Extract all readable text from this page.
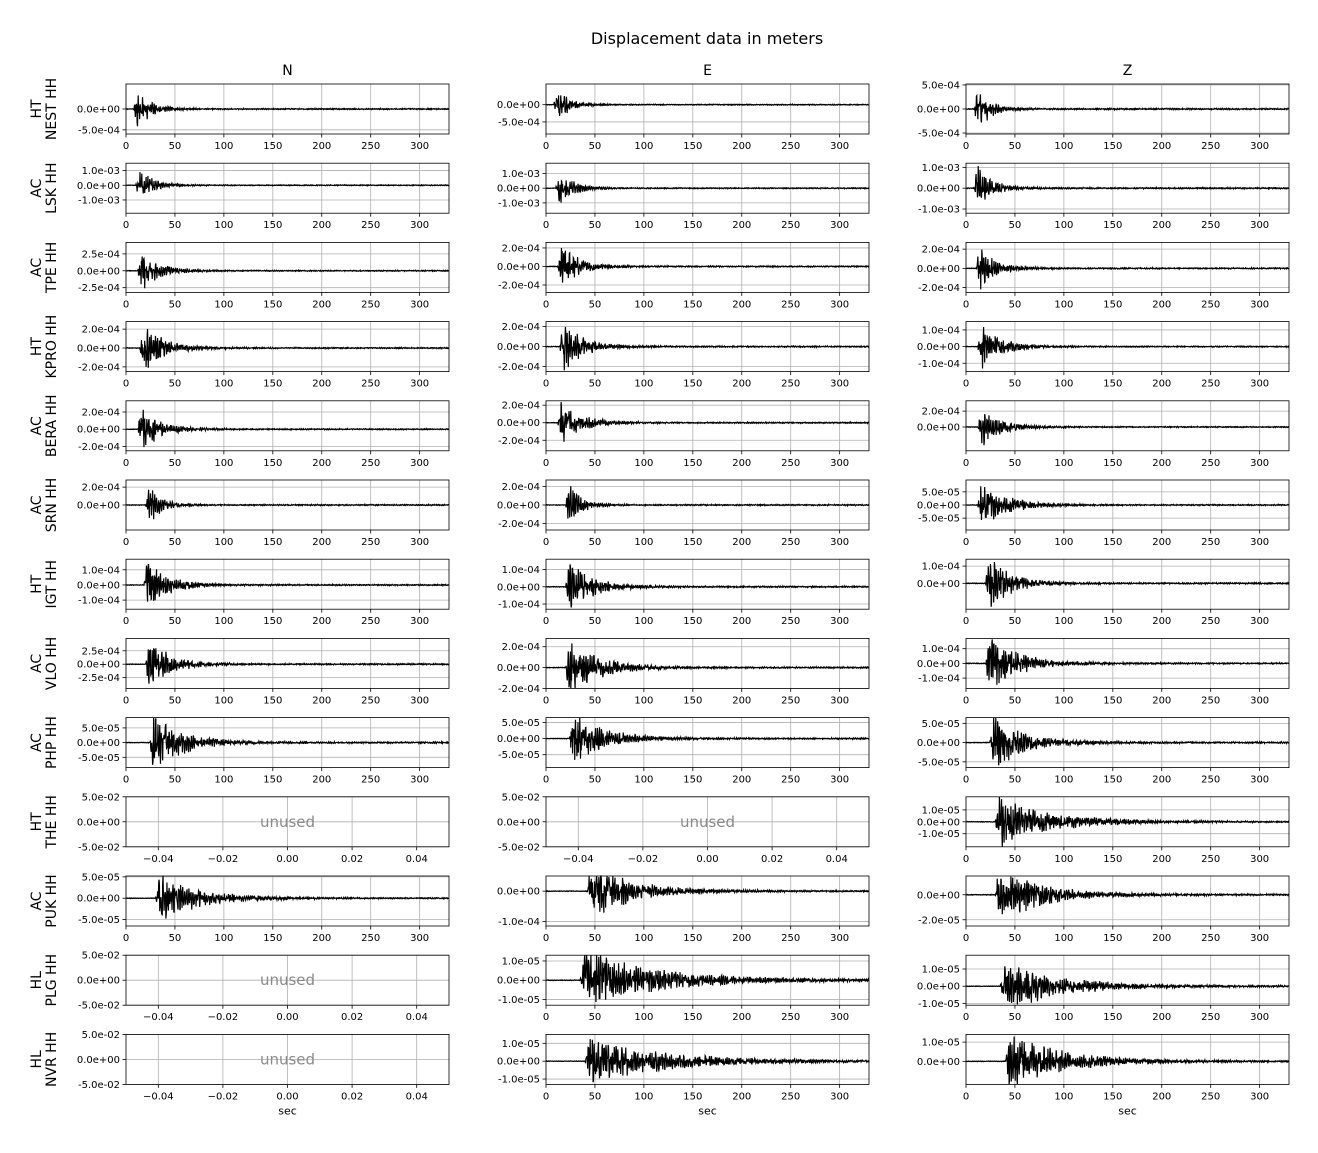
Displacement data in meters
N	E	Z
HTNEST HH
0	50	100	150	200	250	300
0.0e+00
-5.0e-04
0	50	100	150	200	250	300
0.0e+00
-5.0e-04
0	50	100	150	200	250	300
5.0e-04
0.0e+00
-5.0e-04
ACLSK HH
0	50	100	150	200	250	300
1.0e-03
0.0e+00
-1.0e-03
0	50	100	150	200	250	300
1.0e-03
0.0e+00
-1.0e-03
0	50	100	150	200	250	300
1.0e-03
0.0e+00
-1.0e-03
ACTPE HH
0	50	100	150	200	250	300
2.5e-04
0.0e+00
-2.5e-04
0	50	100	150	200	250	300
2.0e-04
0.0e+00
-2.0e-04
0	50	100	150	200	250	300
2.0e-04
0.0e+00
-2.0e-04
HTKPRO HH
0	50	100	150	200	250	300
2.0e-04
0.0e+00
-2.0e-04
0	50	100	150	200	250	300
2.0e-04
0.0e+00
-2.0e-04
0	50	100	150	200	250	300
1.0e-04
0.0e+00
-1.0e-04
ACBERA HH
0	50	100	150	200	250	300
2.0e-04
0.0e+00
-2.0e-04
0	50	100	150	200	250	300
2.0e-04
0.0e+00
-2.0e-04
0	50	100	150	200	250	300
2.0e-04
0.0e+00
ACSRN HH
0	50	100	150	200	250	300
2.0e-04
0.0e+00
0	50	100	150	200	250	300
2.0e-04
0.0e+00
-2.0e-04
0	50	100	150	200	250	300
5.0e-05
0.0e+00
-5.0e-05
HTIGT HH
0	50	100	150	200	250	300
1.0e-04
0.0e+00
-1.0e-04
0	50	100	150	200	250	300
1.0e-04
0.0e+00
-1.0e-04
0	50	100	150	200	250	300
1.0e-04
0.0e+00
ACVLO HH
0	50	100	150	200	250	300
2.5e-04
0.0e+00
-2.5e-04
0	50	100	150	200	250	300
2.0e-04
0.0e+00
-2.0e-04
0	50	100	150	200	250	300
1.0e-04
0.0e+00
-1.0e-04
ACPHP HH
0	50	100	150	200	250	300
5.0e-05
0.0e+00
-5.0e-05
0	50	100	150	200	250	300
5.0e-05
0.0e+00
-5.0e-05
0	50	100	150	200	250	300
5.0e-05
0.0e+00
-5.0e-05
HTTHE HH
−0.04	−0.02	0.00	0.02	0.04
5.0e-02
0.0e+00
-5.0e-02
unused
−0.04	−0.02	0.00	0.02	0.04
5.0e-02
0.0e+00
-5.0e-02
unused
0	50	100	150	200	250	300
1.0e-05
0.0e+00
-1.0e-05
ACPUK HH
0	50	100	150	200	250	300
5.0e-05
0.0e+00
-5.0e-05
0	50	100	150	200	250	300
0.0e+00
-1.0e-04
0	50	100	150	200	250	300
0.0e+00
-2.0e-05
HLPLG HH
−0.04	−0.02	0.00	0.02	0.04
5.0e-02
0.0e+00
-5.0e-02
unused
0	50	100	150	200	250	300
1.0e-05
0.0e+00
-1.0e-05
0	50	100	150	200	250	300
1.0e-05
0.0e+00
-1.0e-05
HLNVR HH
−0.04	−0.02	0.00	0.02	0.04
5.0e-02
0.0e+00
-5.0e-02
unused
0	50	100	150	200	250	300
1.0e-05
0.0e+00
-1.0e-05
0	50	100	150	200	250	300
1.0e-05
0.0e+00
sec	sec	sec
